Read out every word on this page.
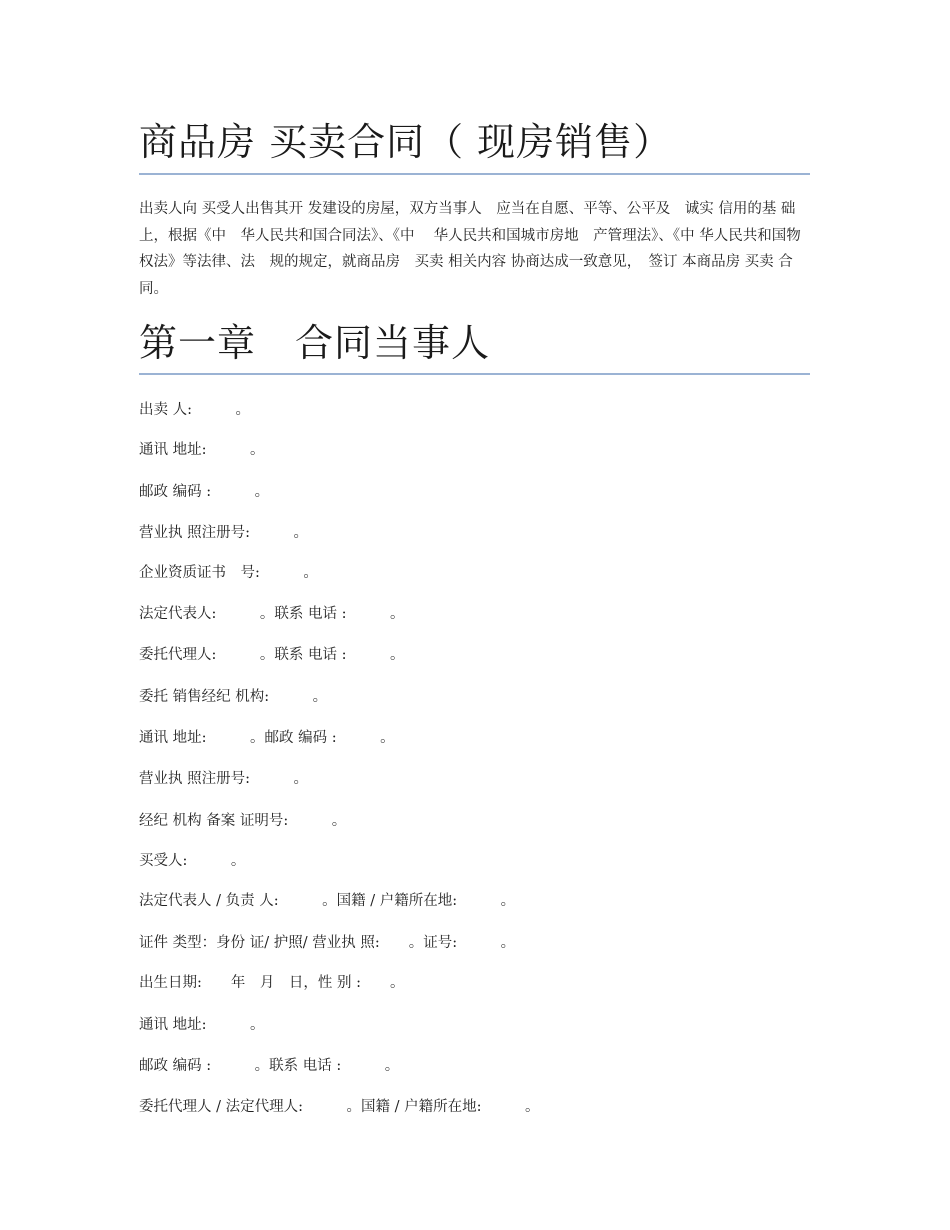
商品房 买卖合同（ 现房销售）

出卖人向 买受人出售其开 发建设的房屋，双方当事人　应当在自愿、平等、公平及　诚实 信用的基 础上，根据《中　华人民共和国合同法》、《中　 华人民共和国城市房地　产管理法》、《中 华人民共和国物　权法》等法律、法　规的规定，就商品房　买卖 相关内容 协商达成一致意见，　签订 本商品房 买卖 合同。

第一章　合同当事人

出卖 人:　　　。

通讯 地址:　　　。

邮政 编码 :　　　。

营业执 照注册号:　　　。

企业资质证书　号:　　　。

法定代表人:　　　。联系 电话 :　　　。

委托代理人:　　　。联系 电话 :　　　。

委托 销售经纪 机构:　　　。

通讯 地址:　　　。邮政 编码 :　　　。

营业执 照注册号:　　　。

经纪 机构 备案 证明号:　　　。

买受人:　　　。

法定代表人 / 负责 人:　　　。国籍 / 户籍所在地:　　　。

证件 类型：身份 证/ 护照/ 营业执 照:　　。证号:　　　。

出生日期:　　年　月　日，性 别 :　　。

通讯 地址:　　　。

邮政 编码 :　　　。联系 电话 :　　　。

委托代理人 / 法定代理人:　　　。国籍 / 户籍所在地:　　　。
